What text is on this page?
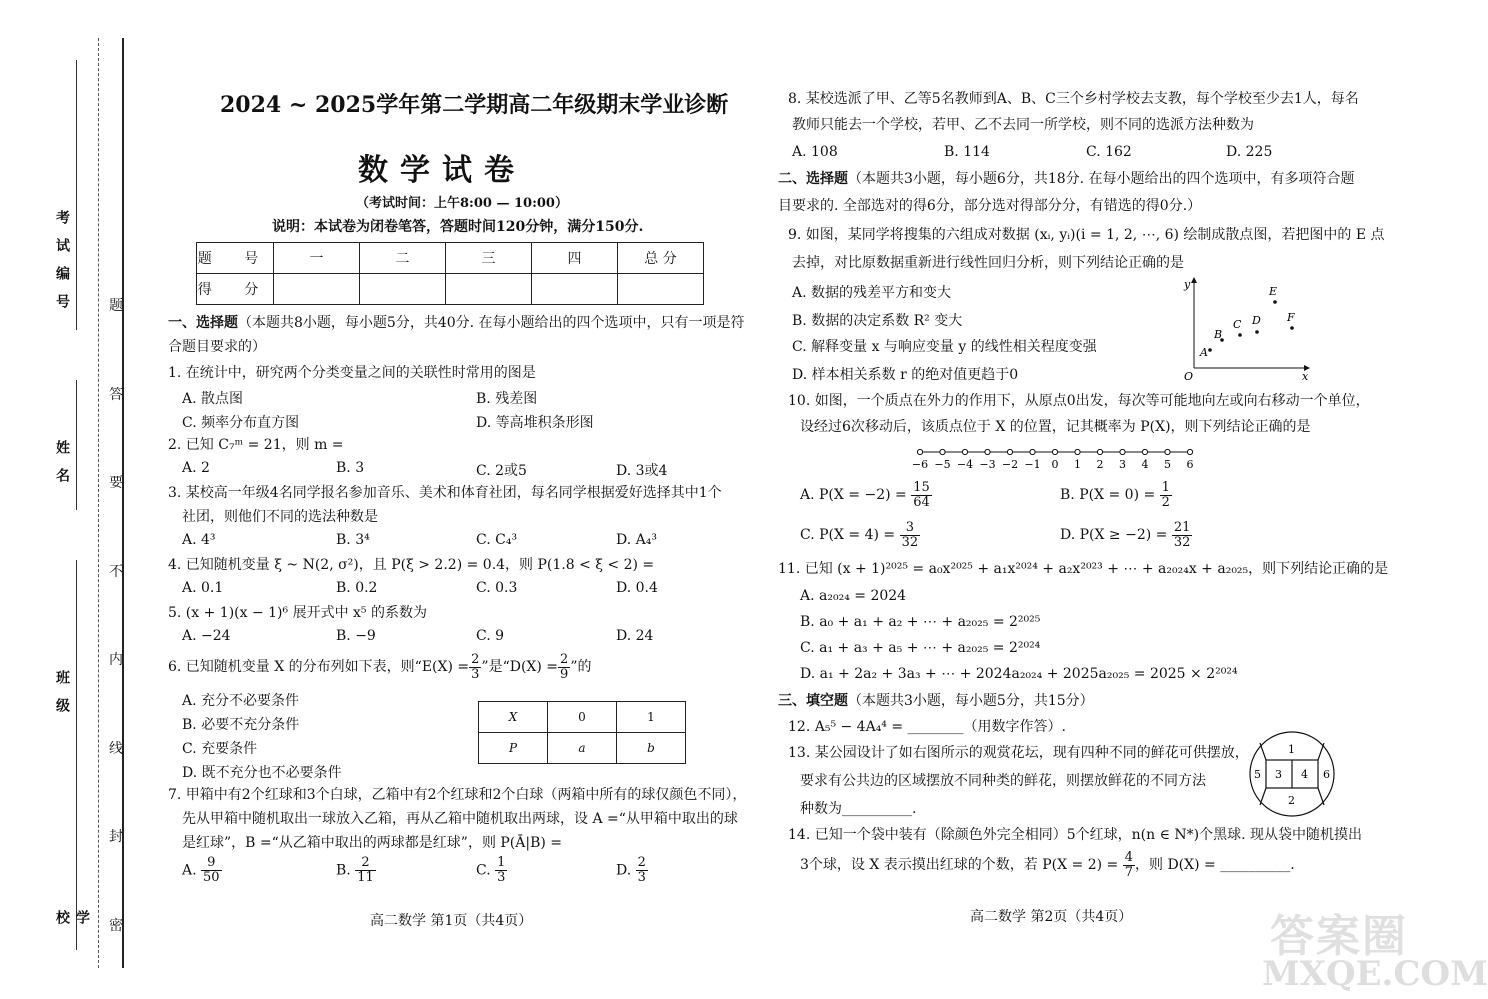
考试编号
姓名
班级
学校
题
答
要
不
内
线
封
密
2024 ~ 2025学年第二学期高二年级期末学业诊断
数学试卷
（考试时间：上午8:00 — 10:00）
说明：本试卷为闭卷笔答，答题时间120分钟，满分150分.
题 号	一	二	三	四	总 分
得 分					
一、选择题（本题共8小题，每小题5分，共40分. 在每小题给出的四个选项中，只有一项是符
合题目要求的）
1. 在统计中，研究两个分类变量之间的关联性时常用的图是
A. 散点图	B. 残差图
C. 频率分布直方图	D. 等高堆积条形图
2. 已知 C₇ᵐ = 21，则 m =
A. 2	B. 3	C. 2或5	D. 3或4
3. 某校高一年级4名同学报名参加音乐、美术和体育社团，每名同学根据爱好选择其中1个
社团，则他们不同的选法种数是
A. 4³	B. 3⁴	C. C₄³	D. A₄³
4. 已知随机变量 ξ ~ N(2, σ²)，且 P(ξ > 2.2) = 0.4，则 P(1.8 < ξ < 2) =
A. 0.1	B. 0.2	C. 0.3	D. 0.4
5. (x + 1)(x − 1)⁶ 展开式中 x⁵ 的系数为
A. −24	B. −9	C. 9	D. 24
6. 已知随机变量 X 的分布列如下表，则“$E(X) = \frac{2}{3}$ ”是“$D(X) = \frac{2}{9}$ ”的
A. 充分不必要条件
B. 必要不充分条件
C. 充要条件
D. 既不充分也不必要条件
X	0	1
P	a	b
7. 甲箱中有2个红球和3个白球，乙箱中有2个红球和2个白球（两箱中所有的球仅颜色不同），
先从甲箱中随机取出一球放入乙箱，再从乙箱中随机取出两球，设 A =“从甲箱中取出的球
是红球”，B =“从乙箱中取出的两球都是红球”，则 P(Ā|B) =
A. $\frac{9}{50}$	B. $\frac{2}{11}$	C. $\frac{1}{3}$	D. $\frac{2}{3}$
高二数学 第1页（共4页）
8. 某校选派了甲、乙等5名教师到A、B、C三个乡村学校去支教，每个学校至少去1人，每名
教师只能去一个学校，若甲、乙不去同一所学校，则不同的选派方法种数为
A. 108	B. 114	C. 162	D. 225
二、选择题（本题共3小题，每小题6分，共18分. 在每小题给出的四个选项中，有多项符合题
目要求的. 全部选对的得6分，部分选对得部分分，有错选的得0分.）
9. 如图，某同学将搜集的六组成对数据 (xᵢ, yᵢ)(i = 1, 2, ⋯, 6) 绘制成散点图，若把图中的 E 点
去掉，对比原数据重新进行线性回归分析，则下列结论正确的是
A. 数据的残差平方和变大
B. 数据的决定系数 R² 变大
C. 解释变量 x 与响应变量 y 的线性相关程度变强
D. 样本相关系数 r 的绝对值更趋于0
y
x
O
A
B
C D
E
F
10. 如图，一个质点在外力的作用下，从原点0出发，每次等可能地向左或向右移动一个单位，
设经过6次移动后，该质点位于 X 的位置，记其概率为 P(X)，则下列结论正确的是
−6 −5 −4 −3 −2 −1 0 1 2 3 4 5 6
A. $P(X = -2) = \frac{15}{64}$	B. $P(X = 0) = \frac{1}{2}$
C. $P(X = 4) = \frac{3}{32}$	D. $P(X \ge -2) = \frac{21}{32}$
11. 已知 (x + 1)²⁰²⁵ = a₀x²⁰²⁵ + a₁x²⁰²⁴ + a₂x²⁰²³ + ⋯ + a₂₀₂₄x + a₂₀₂₅，则下列结论正确的是
A. a₂₀₂₄ = 2024
B. a₀ + a₁ + a₂ + ⋯ + a₂₀₂₅ = 2²⁰²⁵
C. a₁ + a₃ + a₅ + ⋯ + a₂₀₂₅ = 2²⁰²⁴
D. a₁ + 2a₂ + 3a₃ + ⋯ + 2024a₂₀₂₄ + 2025a₂₀₂₅ = 2025 × 2²⁰²⁴
三、填空题（本题共3小题，每小题5分，共15分）
12. A₅⁵ − 4A₄⁴ = ________（用数字作答）.
13. 某公园设计了如右图所示的观赏花坛，现有四种不同的鲜花可供摆放，
要求有公共边的区域摆放不同种类的鲜花，则摆放鲜花的不同方法
种数为__________.
1
2
3 4
5	6
14. 已知一个袋中装有（除颜色外完全相同）5个红球，n(n ∈ N*)个黑球. 现从袋中随机摸出
3个球，设 X 表示摸出红球的个数，若 $P(X = 2) = \frac{4}{7}$ ，则 D(X) = __________.
高二数学 第2页（共4页）	答案圈
MXQE.COM
